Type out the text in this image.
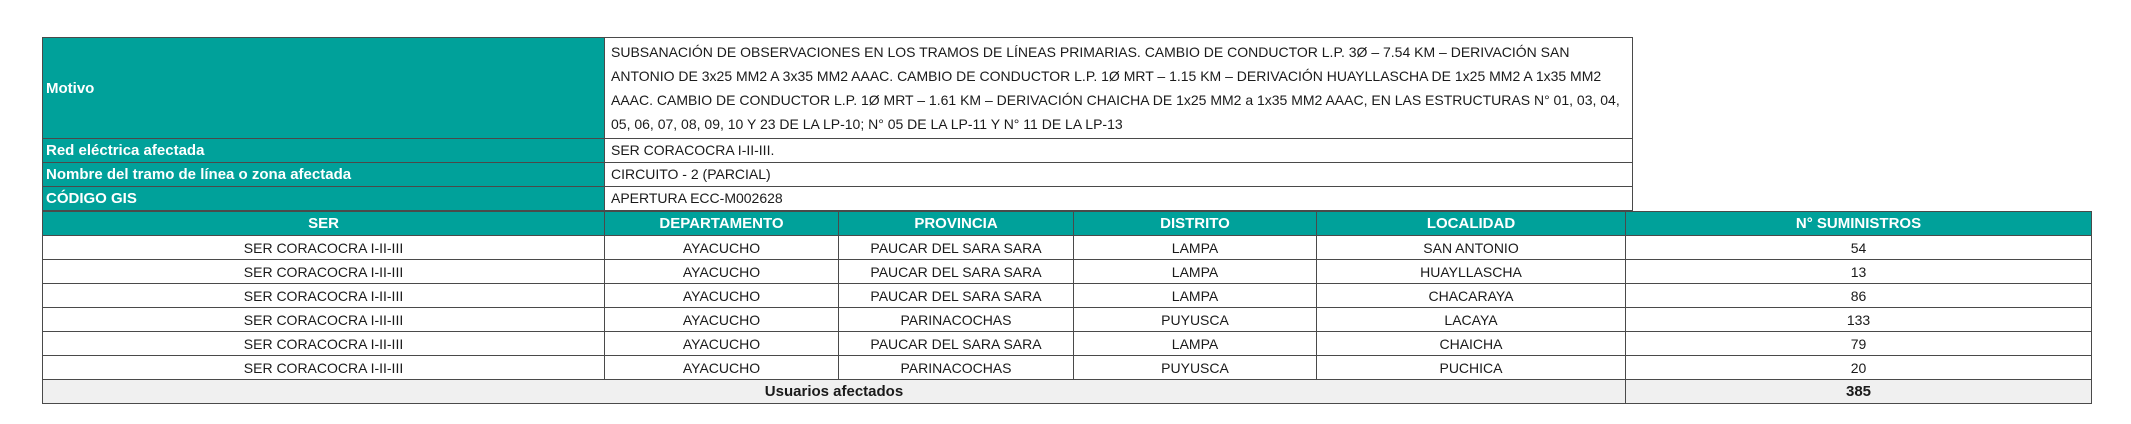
Motivo	SUBSANACIÓN DE OBSERVACIONES EN LOS TRAMOS DE LÍNEAS PRIMARIAS. CAMBIO DE CONDUCTOR L.P. 3Ø – 7.54 KM – DERIVACIÓN SAN ANTONIO DE 3x25 MM2 A 3x35 MM2 AAAC. CAMBIO DE CONDUCTOR L.P. 1Ø MRT – 1.15 KM – DERIVACIÓN HUAYLLASCHA DE 1x25 MM2 A 1x35 MM2 AAAC. CAMBIO DE CONDUCTOR L.P. 1Ø MRT – 1.61 KM – DERIVACIÓN CHAICHA DE 1x25 MM2 a 1x35 MM2 AAAC, EN LAS ESTRUCTURAS N° 01, 03, 04, 05, 06, 07, 08, 09, 10 Y 23 DE LA LP-10; N° 05 DE LA LP-11 Y N° 11 DE LA LP-13
Red eléctrica afectada	SER CORACOCRA I-II-III.
Nombre del tramo de línea o zona afectada	CIRCUITO - 2 (PARCIAL)
CÓDIGO GIS	APERTURA ECC-M002628
SER	DEPARTAMENTO	PROVINCIA	DISTRITO	LOCALIDAD	N° SUMINISTROS
SER CORACOCRA I-II-III	AYACUCHO	PAUCAR DEL SARA SARA	LAMPA	SAN ANTONIO	54
SER CORACOCRA I-II-III	AYACUCHO	PAUCAR DEL SARA SARA	LAMPA	HUAYLLASCHA	13
SER CORACOCRA I-II-III	AYACUCHO	PAUCAR DEL SARA SARA	LAMPA	CHACARAYA	86
SER CORACOCRA I-II-III	AYACUCHO	PARINACOCHAS	PUYUSCA	LACAYA	133
SER CORACOCRA I-II-III	AYACUCHO	PAUCAR DEL SARA SARA	LAMPA	CHAICHA	79
SER CORACOCRA I-II-III	AYACUCHO	PARINACOCHAS	PUYUSCA	PUCHICA	20
Usuarios afectados					385
